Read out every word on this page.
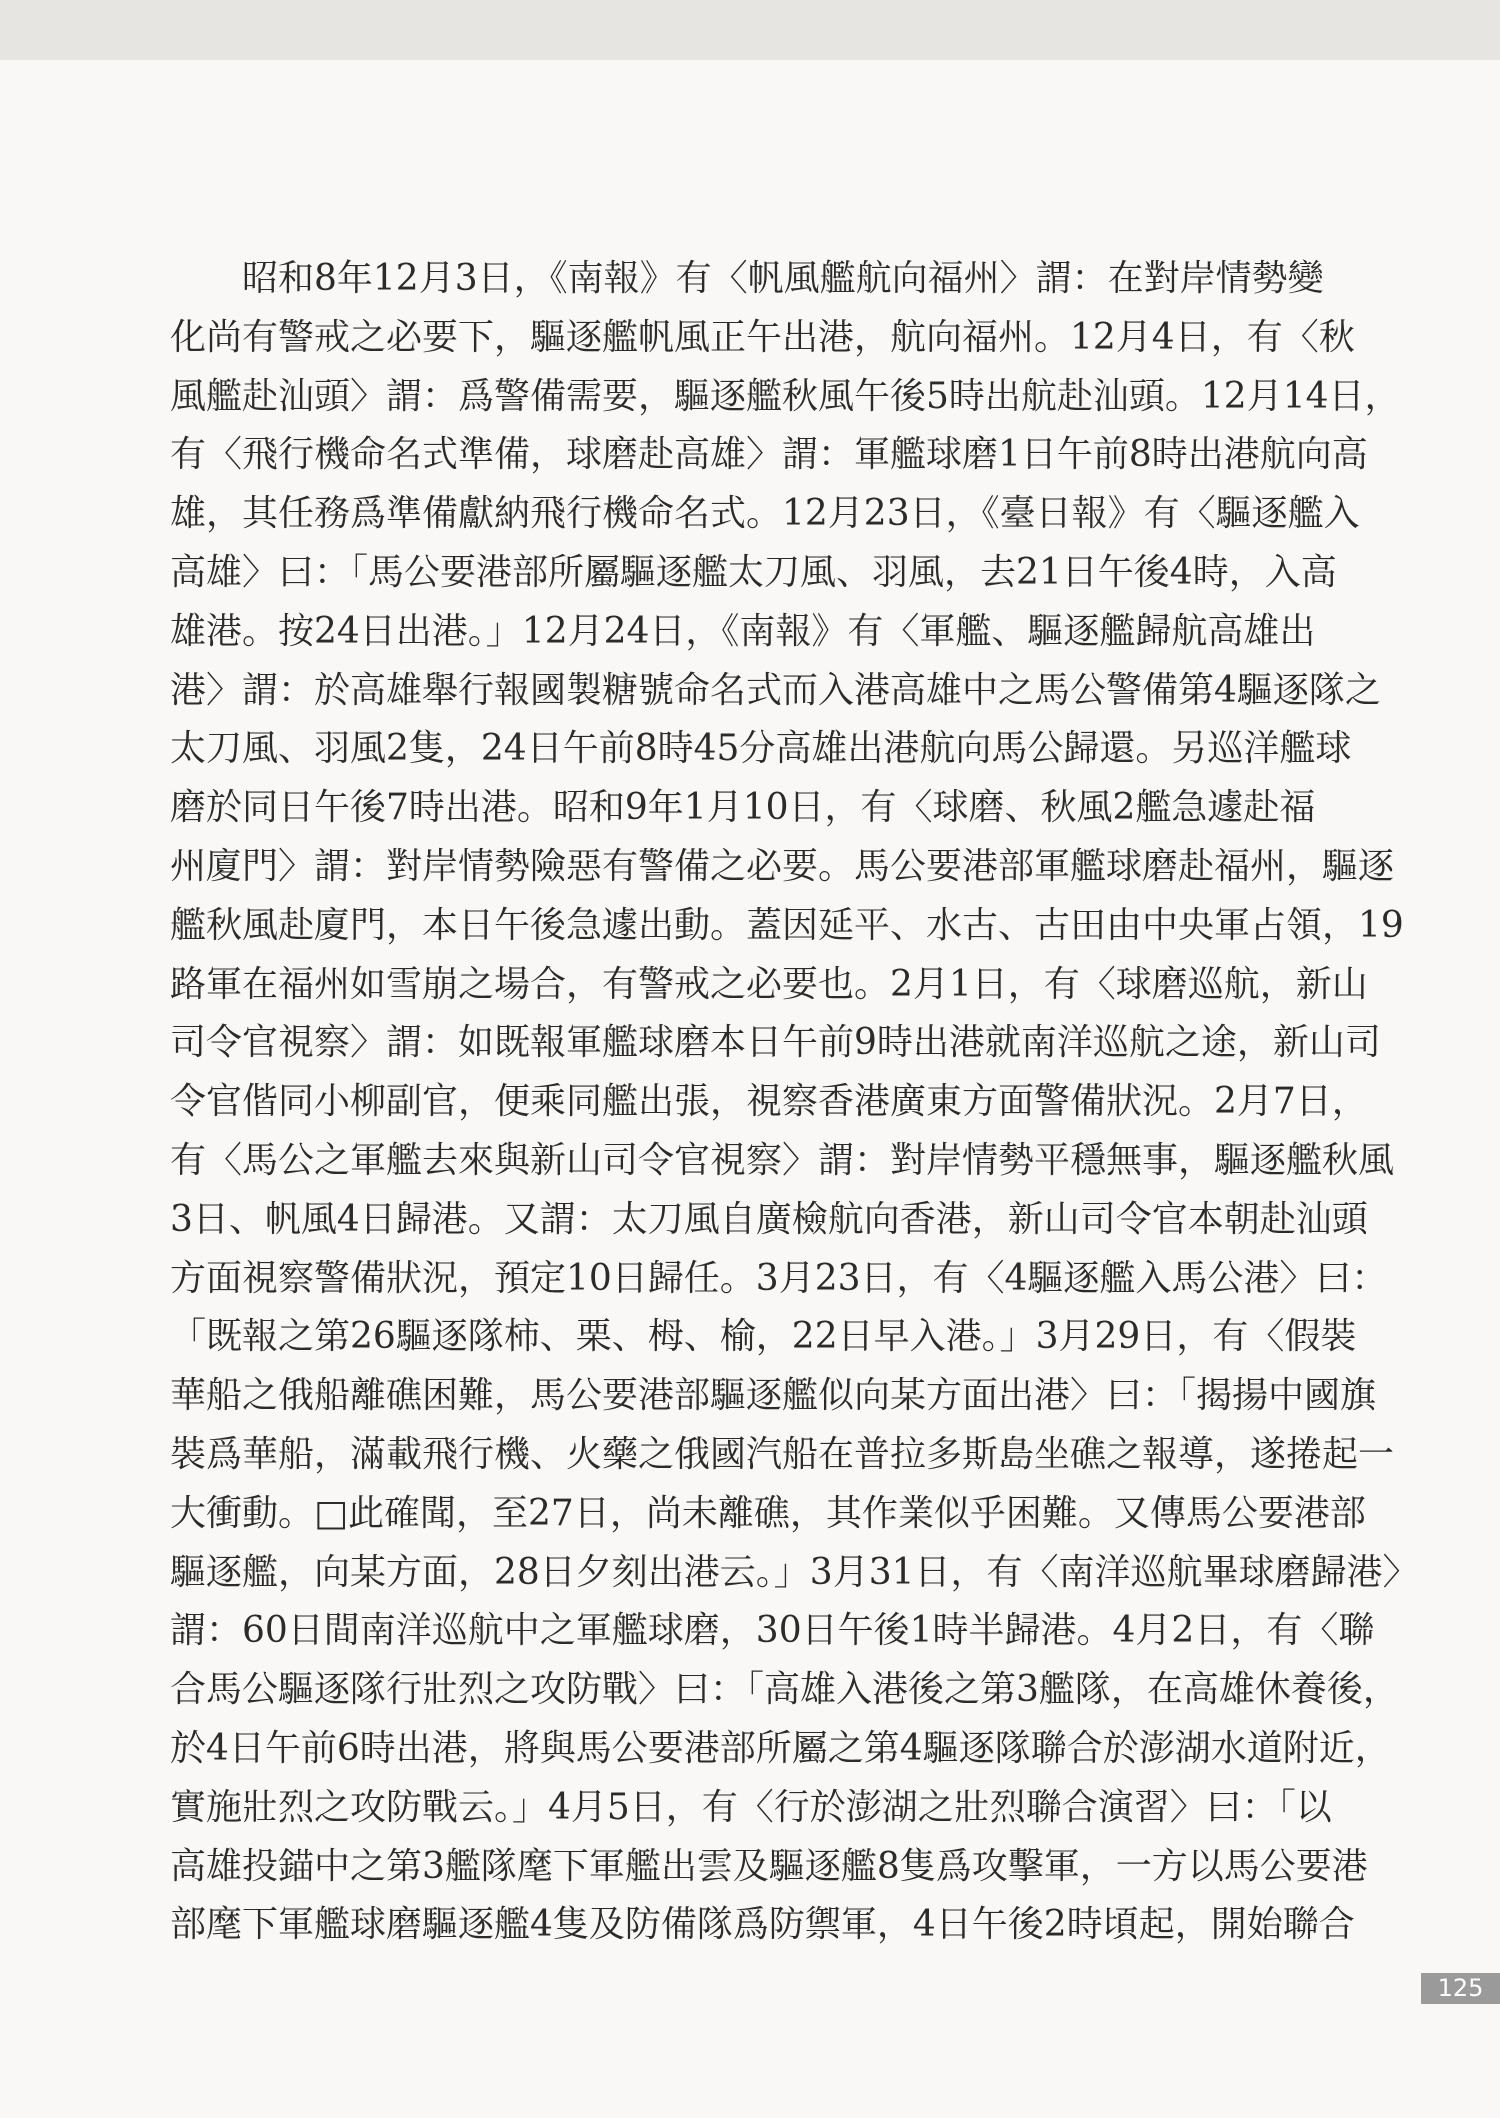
　　昭和8年12月3日，《南報》有〈帆風艦航向福州〉謂：在對岸情勢變
化尚有警戒之必要下，驅逐艦帆風正午出港，航向福州。12月4日，有〈秋
風艦赴汕頭〉謂：爲警備需要，驅逐艦秋風午後5時出航赴汕頭。12月14日，
有〈飛行機命名式準備，球磨赴高雄〉謂：軍艦球磨1日午前8時出港航向高
雄，其任務爲準備獻納飛行機命名式。12月23日，《臺日報》有〈驅逐艦入
高雄〉曰：「馬公要港部所屬驅逐艦太刀風、羽風，去21日午後4時，入高
雄港。按24日出港。」12月24日，《南報》有〈軍艦、驅逐艦歸航高雄出
港〉謂：於高雄舉行報國製糖號命名式而入港高雄中之馬公警備第4驅逐隊之
太刀風、羽風2隻，24日午前8時45分高雄出港航向馬公歸還。另巡洋艦球
磨於同日午後7時出港。昭和9年1月10日，有〈球磨、秋風2艦急遽赴福
州廈門〉謂：對岸情勢險惡有警備之必要。馬公要港部軍艦球磨赴福州，驅逐
艦秋風赴廈門，本日午後急遽出動。蓋因延平、水古、古田由中央軍占領，19
路軍在福州如雪崩之場合，有警戒之必要也。2月1日，有〈球磨巡航，新山
司令官視察〉謂：如既報軍艦球磨本日午前9時出港就南洋巡航之途，新山司
令官偕同小柳副官，便乘同艦出張，視察香港廣東方面警備狀況。2月7日，
有〈馬公之軍艦去來與新山司令官視察〉謂：對岸情勢平穩無事，驅逐艦秋風
3日、帆風4日歸港。又謂：太刀風自廣檢航向香港，新山司令官本朝赴汕頭
方面視察警備狀況，預定10日歸任。3月23日，有〈4驅逐艦入馬公港〉曰：
「既報之第26驅逐隊柿、栗、栂、榆，22日早入港。」3月29日，有〈假裝
華船之俄船離礁困難，馬公要港部驅逐艦似向某方面出港〉曰：「揭揚中國旗
裝爲華船，滿載飛行機、火藥之俄國汽船在普拉多斯島坐礁之報導，遂捲起一
大衝動。□此確聞，至27日，尚未離礁，其作業似乎困難。又傳馬公要港部
驅逐艦，向某方面，28日夕刻出港云。」3月31日，有〈南洋巡航畢球磨歸港〉
謂：60日間南洋巡航中之軍艦球磨，30日午後1時半歸港。4月2日，有〈聯
合馬公驅逐隊行壯烈之攻防戰〉曰：「高雄入港後之第3艦隊，在高雄休養後，
於4日午前6時出港，將與馬公要港部所屬之第4驅逐隊聯合於澎湖水道附近，
實施壯烈之攻防戰云。」4月5日，有〈行於澎湖之壯烈聯合演習〉曰：「以
高雄投錨中之第3艦隊麾下軍艦出雲及驅逐艦8隻爲攻擊軍，一方以馬公要港
部麾下軍艦球磨驅逐艦4隻及防備隊爲防禦軍，4日午後2時頃起，開始聯合
125
